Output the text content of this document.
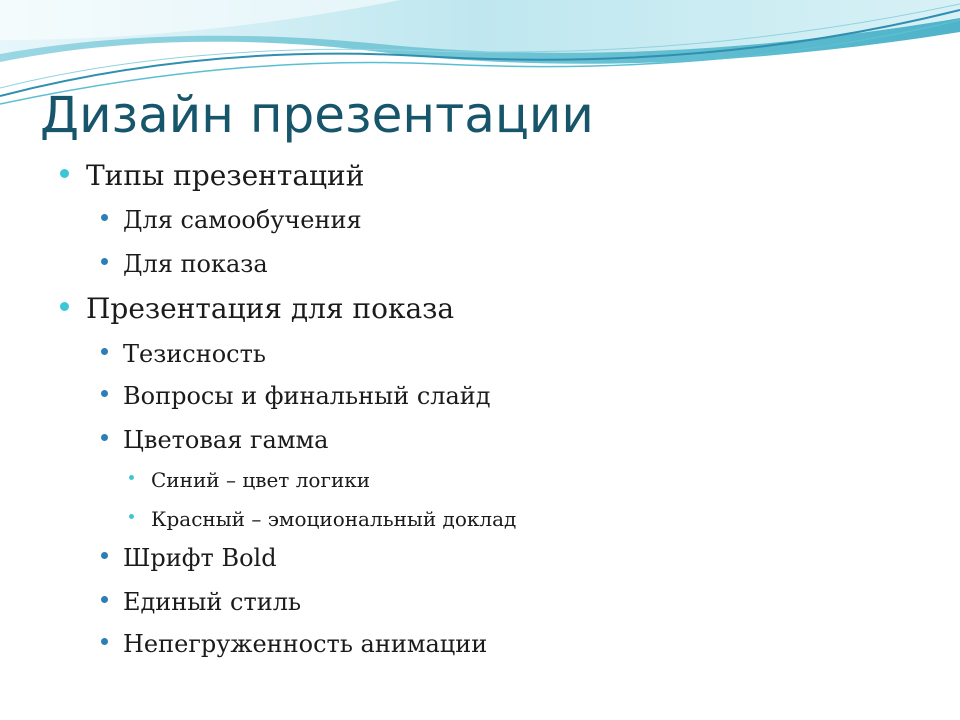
Дизайн презентации
Типы презентаций
Для самообучения
Для показа
Презентация для показа
Тезисность
Вопросы и финальный слайд
Цветовая гамма
Синий – цвет логики
Красный – эмоциональный доклад
Шрифт Bold
Единый стиль
Непегруженность анимации
